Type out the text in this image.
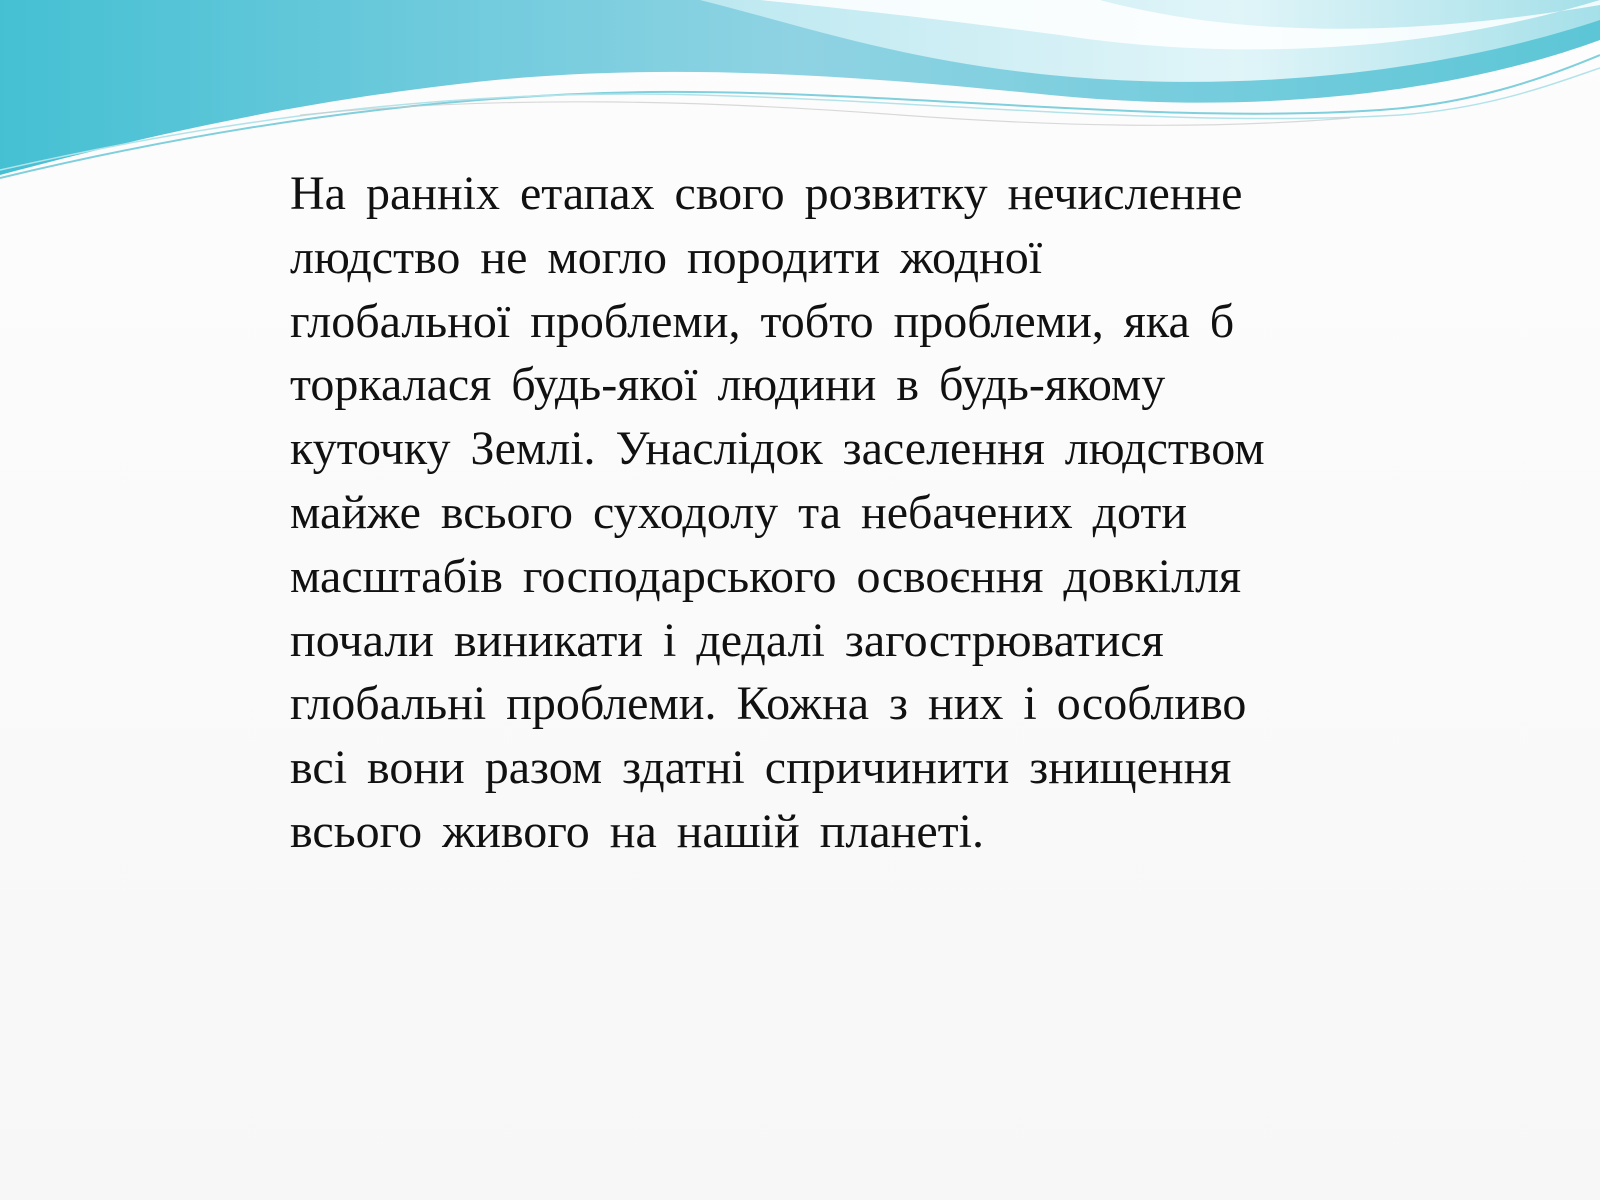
На ранніх етапах свого розвитку нечисленне
людство не могло породити жодної
глобальної проблеми, тобто проблеми, яка б
торкалася будь-якої людини в будь-якому
куточку Землі. Унаслідок заселення людством
майже всього суходолу та небачених доти
масштабів господарського освоєння довкілля
почали виникати і дедалі загострюватися
глобальні проблеми. Кожна з них і особливо
всі вони разом здатні спричинити знищення
всього живого на нашій планеті.
